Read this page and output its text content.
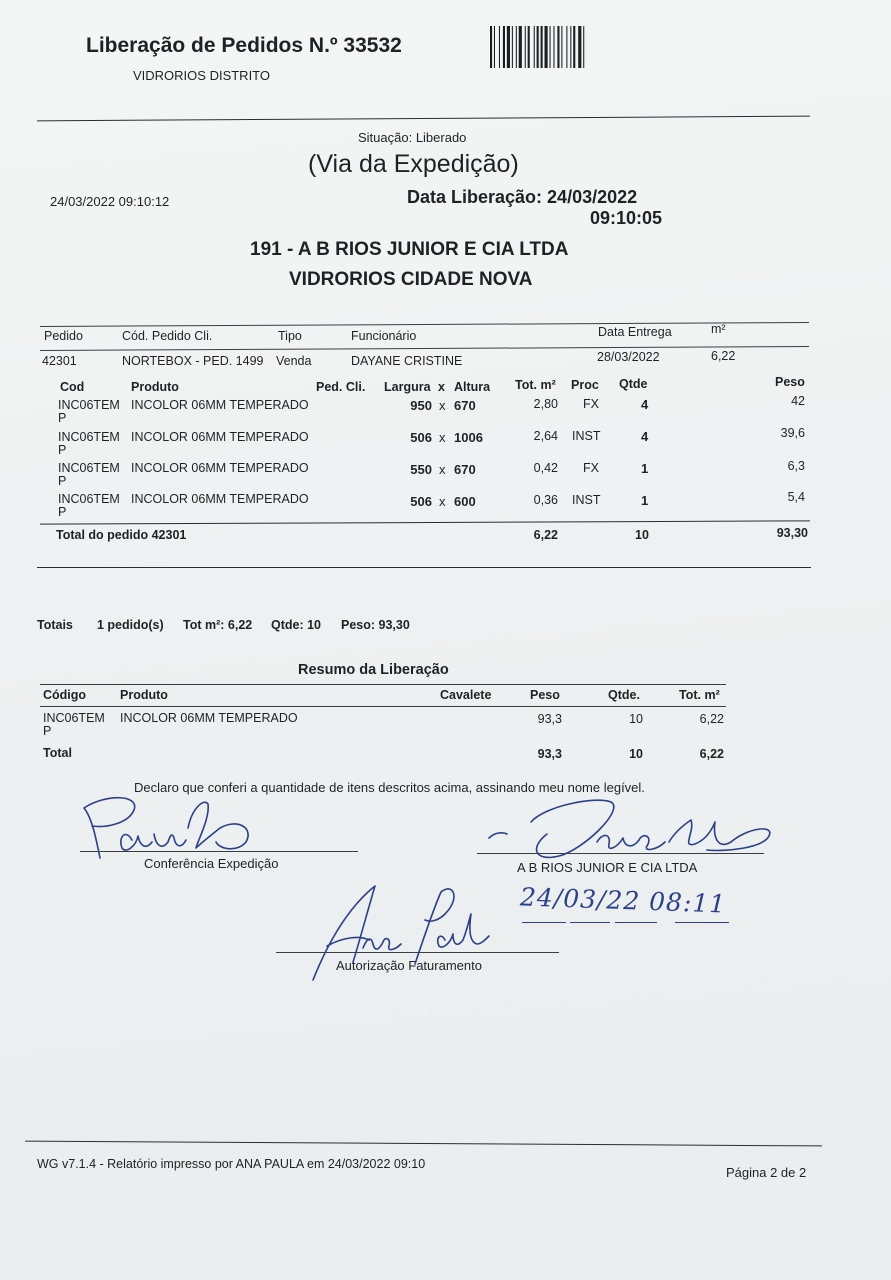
Liberação de Pedidos N.º 33532
VIDRORIOS DISTRITO
Situação: Liberado
(Via da Expedição)
24/03/2022 09:10:12	Data Liberação: 24/03/2022
09:10:05
191 - A B RIOS JUNIOR E CIA LTDA
VIDRORIOS CIDADE NOVA
Pedido	Cód. Pedido Cli.	Tipo	Funcionário	Data Entrega	m²
42301	NORTEBOX - PED. 1499 Venda	DAYANE CRISTINE	28/03/2022	6,22
Cod	Produto	Ped. Cli. Largura x Altura Tot. m² Proc Qtde	Peso
INC06TEM
P
INCOLOR 06MM TEMPERADO	950 x 670	2,80 FX	4	42
INC06TEM
P
INCOLOR 06MM TEMPERADO	506 x 1006	2,64 INST	4	39,6
INC06TEM
P
INCOLOR 06MM TEMPERADO	550 x 670	0,42 FX	1	6,3
INC06TEM
P
INCOLOR 06MM TEMPERADO	506 x 600	0,36 INST	1	5,4
Total do pedido 42301	6,22	10	93,30
Totais 1 pedido(s) Tot m²: 6,22 Qtde: 10 Peso: 93,30
Resumo da Liberação
Código	Produto	Cavalete	Peso	Qtde.	Tot. m²
INC06TEM
P
INCOLOR 06MM TEMPERADO	93,3	10	6,22
Total	93,3	10	6,22
Declaro que conferi a quantidade de itens descritos acima, assinando meu nome legível.
Conferência Expedição	A B RIOS JUNIOR E CIA LTDA
Autorização Faturamento
24/03/22 08:11
WG v7.1.4 - Relatório impresso por ANA PAULA em 24/03/2022 09:10
Página 2 de 2
